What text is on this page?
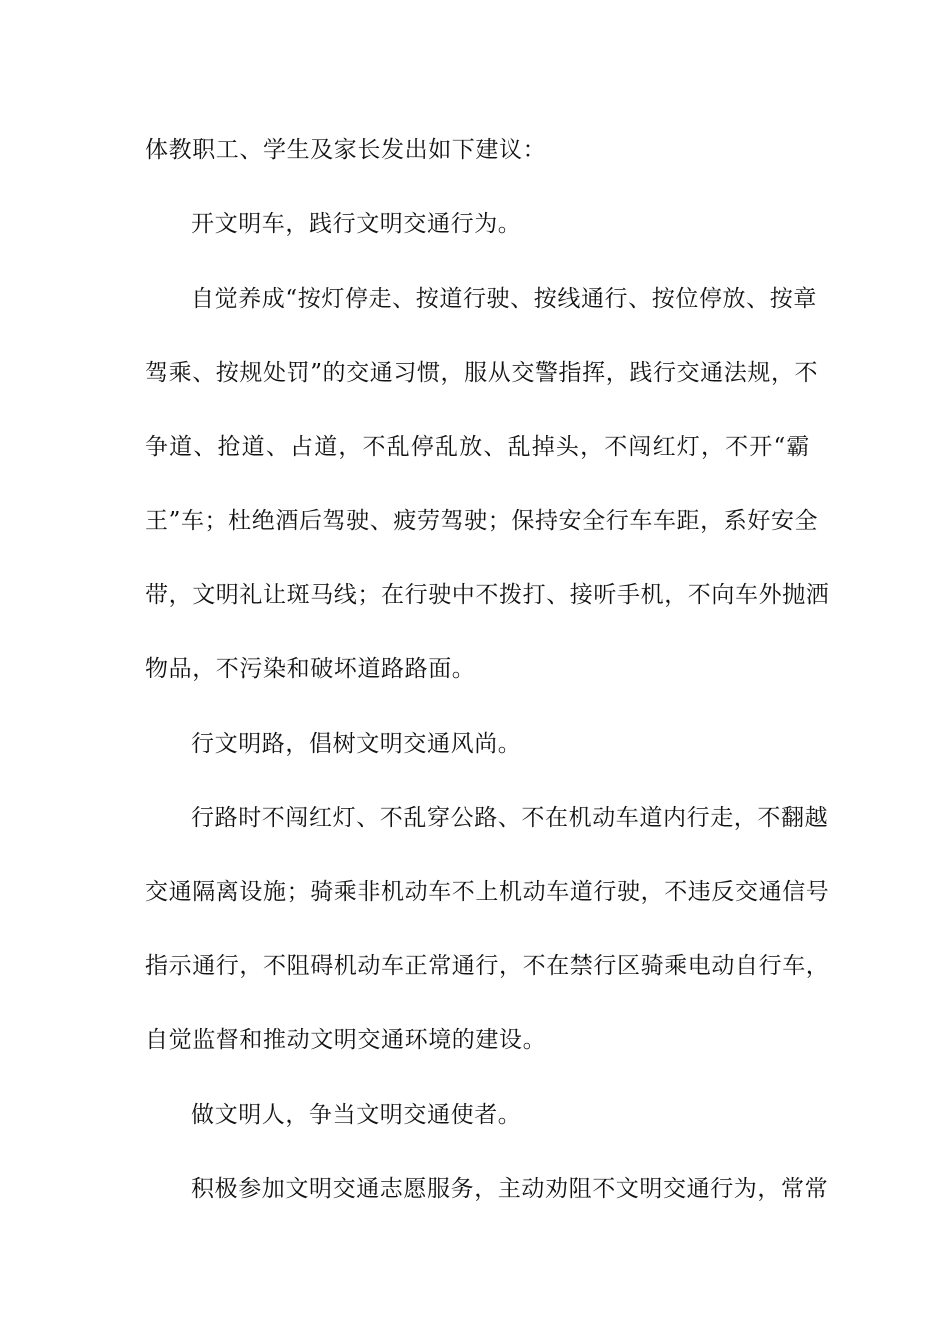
体教职工、学生及家长发出如下建议：
开文明车，践行文明交通行为。
自觉养成“按灯停走、按道行驶、按线通行、按位停放、按章
驾乘、按规处罚”的交通习惯，服从交警指挥，践行交通法规，不
争道、抢道、占道，不乱停乱放、乱掉头，不闯红灯，不开“霸
王”车；杜绝酒后驾驶、疲劳驾驶；保持安全行车车距，系好安全
带，文明礼让斑马线；在行驶中不拨打、接听手机，不向车外抛洒
物品，不污染和破坏道路路面。
行文明路，倡树文明交通风尚。
行路时不闯红灯、不乱穿公路、不在机动车道内行走，不翻越
交通隔离设施；骑乘非机动车不上机动车道行驶，不违反交通信号
指示通行，不阻碍机动车正常通行，不在禁行区骑乘电动自行车，
自觉监督和推动文明交通环境的建设。
做文明人，争当文明交通使者。
积极参加文明交通志愿服务，主动劝阻不文明交通行为，常常
